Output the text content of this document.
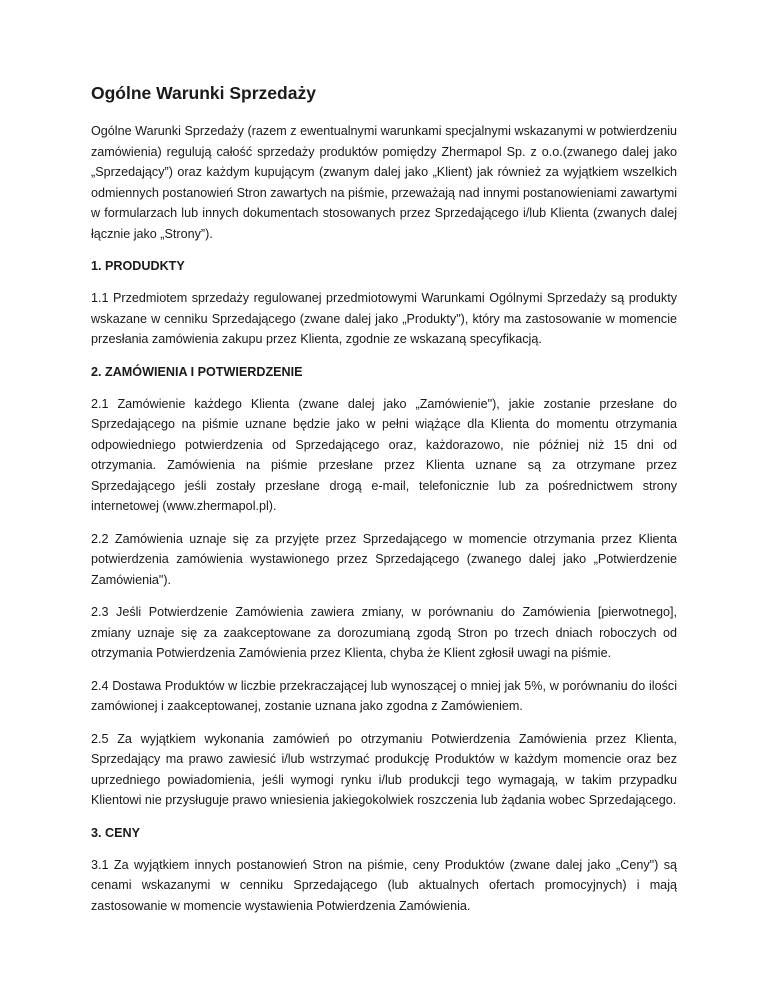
Ogólne Warunki Sprzedaży

Ogólne Warunki Sprzedaży (razem z ewentualnymi warunkami specjalnymi wskazanymi w potwierdzeniu zamówienia) regulują całość sprzedaży produktów pomiędzy Zhermapol Sp. z o.o.(zwanego dalej jako „Sprzedający”) oraz każdym kupującym (zwanym dalej jako „Klient) jak również za wyjątkiem wszelkich odmiennych postanowień Stron zawartych na piśmie, przeważają nad innymi postanowieniami zawartymi w formularzach lub innych dokumentach stosowanych przez Sprzedającego i/lub Klienta (zwanych dalej łącznie jako „Strony”).

1. PRODUDKTY

1.1 Przedmiotem sprzedaży regulowanej przedmiotowymi Warunkami Ogólnymi Sprzedaży są produkty wskazane w cenniku Sprzedającego (zwane dalej jako „Produkty"), który ma zastosowanie w momencie przesłania zamówienia zakupu przez Klienta, zgodnie ze wskazaną specyfikacją.

2. ZAMÓWIENIA I POTWIERDZENIE

2.1 Zamówienie każdego Klienta (zwane dalej jako „Zamówienie"), jakie zostanie przesłane do Sprzedającego na piśmie uznane będzie jako w pełni wiążące dla Klienta do momentu otrzymania odpowiedniego potwierdzenia od Sprzedającego oraz, każdorazowo, nie później niż 15 dni od otrzymania. Zamówienia na piśmie przesłane przez Klienta uznane są za otrzymane przez Sprzedającego jeśli zostały przesłane drogą e-mail, telefonicznie lub za pośrednictwem strony internetowej (www.zhermapol.pl).

2.2 Zamówienia uznaje się za przyjęte przez Sprzedającego w momencie otrzymania przez Klienta potwierdzenia zamówienia wystawionego przez Sprzedającego (zwanego dalej jako „Potwierdzenie Zamówienia").

2.3 Jeśli Potwierdzenie Zamówienia zawiera zmiany, w porównaniu do Zamówienia [pierwotnego], zmiany uznaje się za zaakceptowane za dorozumianą zgodą Stron po trzech dniach roboczych od otrzymania Potwierdzenia Zamówienia przez Klienta, chyba że Klient zgłosił uwagi na piśmie.

2.4 Dostawa Produktów w liczbie przekraczającej lub wynoszącej o mniej jak 5%, w porównaniu do ilości zamówionej i zaakceptowanej, zostanie uznana jako zgodna z Zamówieniem.

2.5 Za wyjątkiem wykonania zamówień po otrzymaniu Potwierdzenia Zamówienia przez Klienta, Sprzedający ma prawo zawiesić i/lub wstrzymać produkcję Produktów w każdym momencie oraz bez uprzedniego powiadomienia, jeśli wymogi rynku i/lub produkcji tego wymagają, w takim przypadku Klientowi nie przysługuje prawo wniesienia jakiegokolwiek roszczenia lub żądania wobec Sprzedającego.

3. CENY

3.1 Za wyjątkiem innych postanowień Stron na piśmie, ceny Produktów (zwane dalej jako „Ceny") są cenami wskazanymi w cenniku Sprzedającego (lub aktualnych ofertach promocyjnych) i mają zastosowanie w momencie wystawienia Potwierdzenia Zamówienia.
